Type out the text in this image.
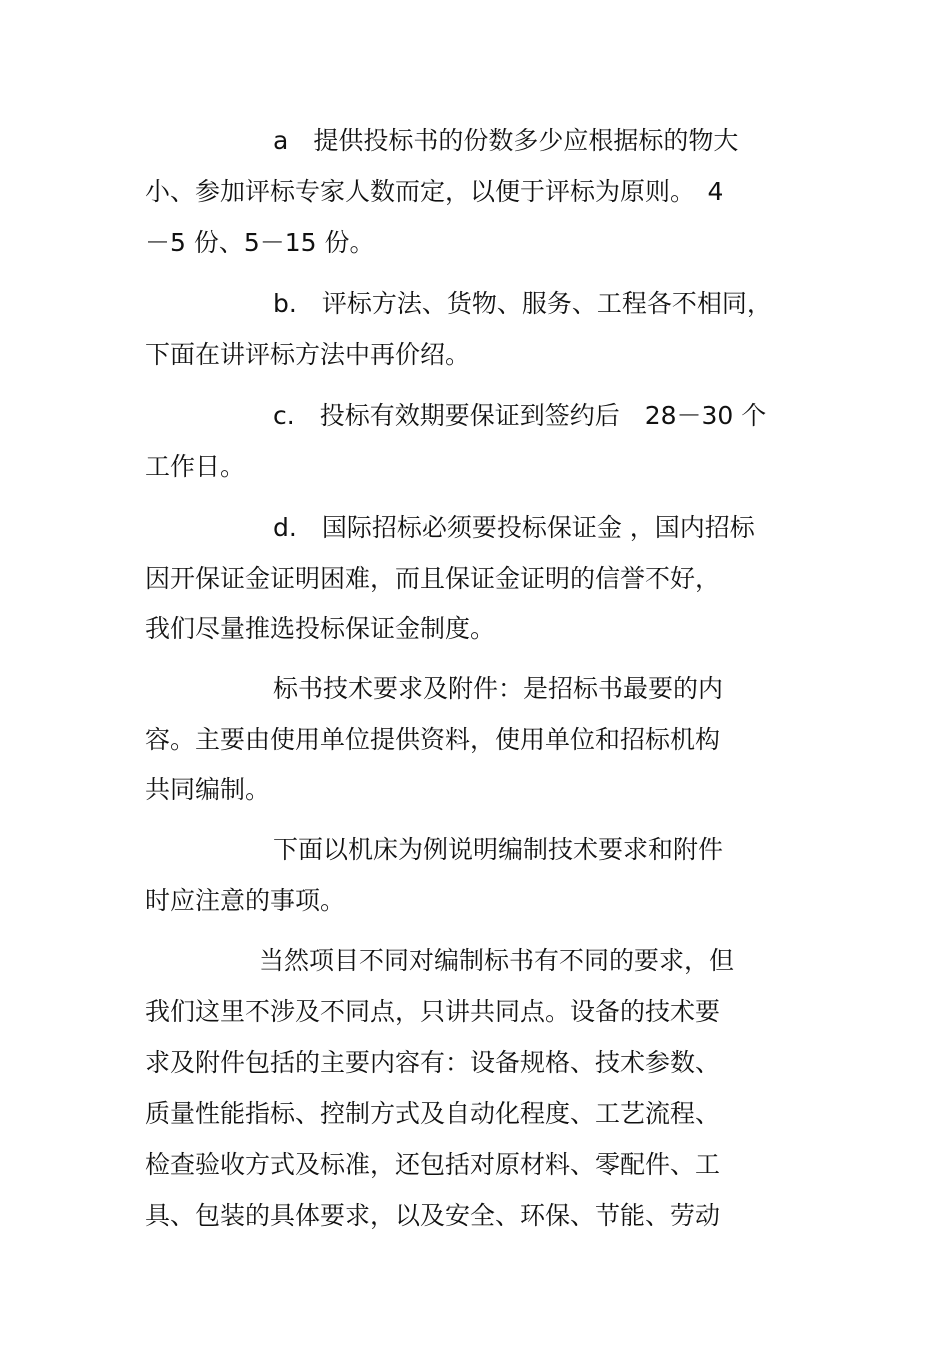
a　提供投标书的份数多少应根据标的物大
小、参加评标专家人数而定，以便于评标为原则。　4
－5 份、5－15 份。
b.　评标方法、货物、服务、工程各不相同，
下面在讲评标方法中再价绍。
c.　投标有效期要保证到签约后　28－30 个
工作日。
d.　国际招标必须要投标保证金 ，国内招标
因开保证金证明困难，而且保证金证明的信誉不好，
我们尽量推选投标保证金制度。
标书技术要求及附件：是招标书最要的内
容。主要由使用单位提供资料，使用单位和招标机构
共同编制。
下面以机床为例说明编制技术要求和附件
时应注意的事项。
当然项目不同对编制标书有不同的要求，但
我们这里不涉及不同点，只讲共同点。设备的技术要
求及附件包括的主要内容有：设备规格、技术参数、
质量性能指标、控制方式及自动化程度、工艺流程、
检查验收方式及标准，还包括对原材料、零配件、工
具、包装的具体要求，以及安全、环保、节能、劳动
